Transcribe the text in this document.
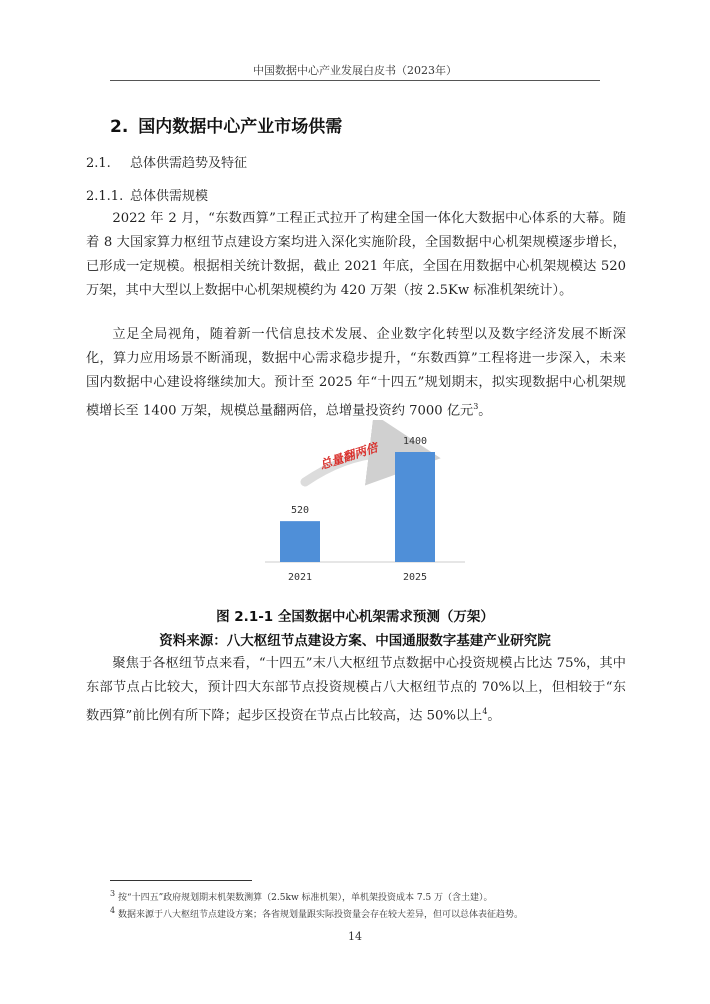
中国数据中心产业发展白皮书（2023年）
2. 国内数据中心产业市场供需
2.1. 总体供需趋势及特征
2.1.1. 总体供需规模

2022 年 2 月，“东数西算”工程正式拉开了构建全国一体化大数据中心体系的大幕。随着 8 大国家算力枢纽节点建设方案均进入深化实施阶段，全国数据中心机架规模逐步增长，已形成一定规模。根据相关统计数据，截止 2021 年底，全国在用数据中心机架规模达 520 万架，其中大型以上数据中心机架规模约为 420 万架（按 2.5Kw 标准机架统计）。

立足全局视角，随着新一代信息技术发展、企业数字化转型以及数字经济发展不断深化，算力应用场景不断涌现，数据中心需求稳步提升，“东数西算”工程将进一步深入，未来国内数据中心建设将继续加大。预计至 2025 年“十四五”规划期末，拟实现数据中心机架规模增长至 1400 万架，规模总量翻两倍，总增量投资约 7000 亿元$^3$。

总量翻两倍
520
2021
1400
2025
图 2.1-1 全国数据中心机架需求预测（万架）
资料来源：八大枢纽节点建设方案、中国通服数字基建产业研究院

聚焦于各枢纽节点来看，“十四五”末八大枢纽节点数据中心投资规模占比达 75%，其中东部节点占比较大，预计四大东部节点投资规模占八大枢纽节点的 70%以上，但相较于“东数西算”前比例有所下降；起步区投资在节点占比较高，达 50%以上$^4$。

$^3$ 按“十四五”政府规划期末机架数测算（2.5kw 标准机架），单机架投资成本 7.5 万（含土建）。
$^4$ 数据来源于八大枢纽节点建设方案；各省规划量跟实际投资量会存在较大差异，但可以总体表征趋势。
14
